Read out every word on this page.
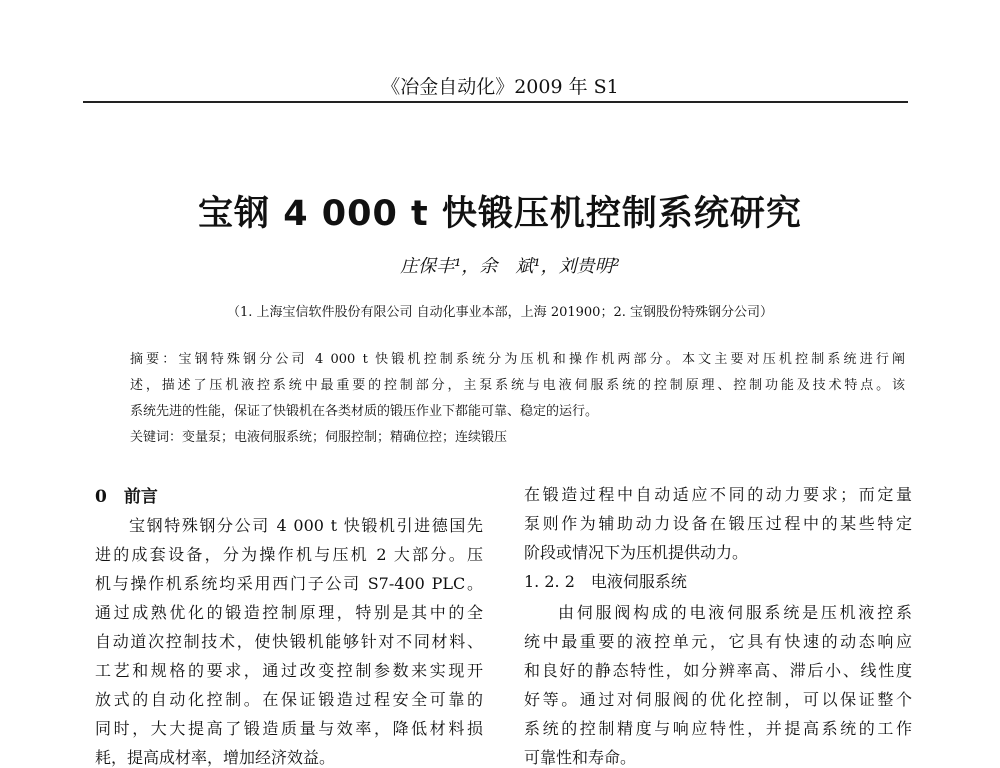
《冶金自动化》2009 年 S1
宝钢 4 000 t 快锻压机控制系统研究
庄保丰¹，余　斌¹，刘贵明²
（1. 上海宝信软件股份有限公司 自动化事业本部，上海 201900；2. 宝钢股份特殊钢分公司）
摘要：宝钢特殊钢分公司 4 000 t 快锻机控制系统分为压机和操作机两部分。本文主要对压机控制系统进行阐
述，描述了压机液控系统中最重要的控制部分，主泵系统与电液伺服系统的控制原理、控制功能及技术特点。该
系统先进的性能，保证了快锻机在各类材质的锻压作业下都能可靠、稳定的运行。
关键词：变量泵；电液伺服系统；伺服控制；精确位控；连续锻压
0　前言
宝钢特殊钢分公司 4 000 t 快锻机引进德国先
进的成套设备，分为操作机与压机 2 大部分。压
机与操作机系统均采用西门子公司 S7-400 PLC。
通过成熟优化的锻造控制原理，特别是其中的全
自动道次控制技术，使快锻机能够针对不同材料、
工艺和规格的要求，通过改变控制参数来实现开
放式的自动化控制。在保证锻造过程安全可靠的
同时，大大提高了锻造质量与效率，降低材料损
耗，提高成材率，增加经济效益。
在锻造过程中自动适应不同的动力要求；而定量
泵则作为辅助动力设备在锻压过程中的某些特定
阶段或情况下为压机提供动力。
1. 2. 2　电液伺服系统
由伺服阀构成的电液伺服系统是压机液控系
统中最重要的液控单元，它具有快速的动态响应
和良好的静态特性，如分辨率高、滞后小、线性度
好等。通过对伺服阀的优化控制，可以保证整个
系统的控制精度与响应特性，并提高系统的工作
可靠性和寿命。
